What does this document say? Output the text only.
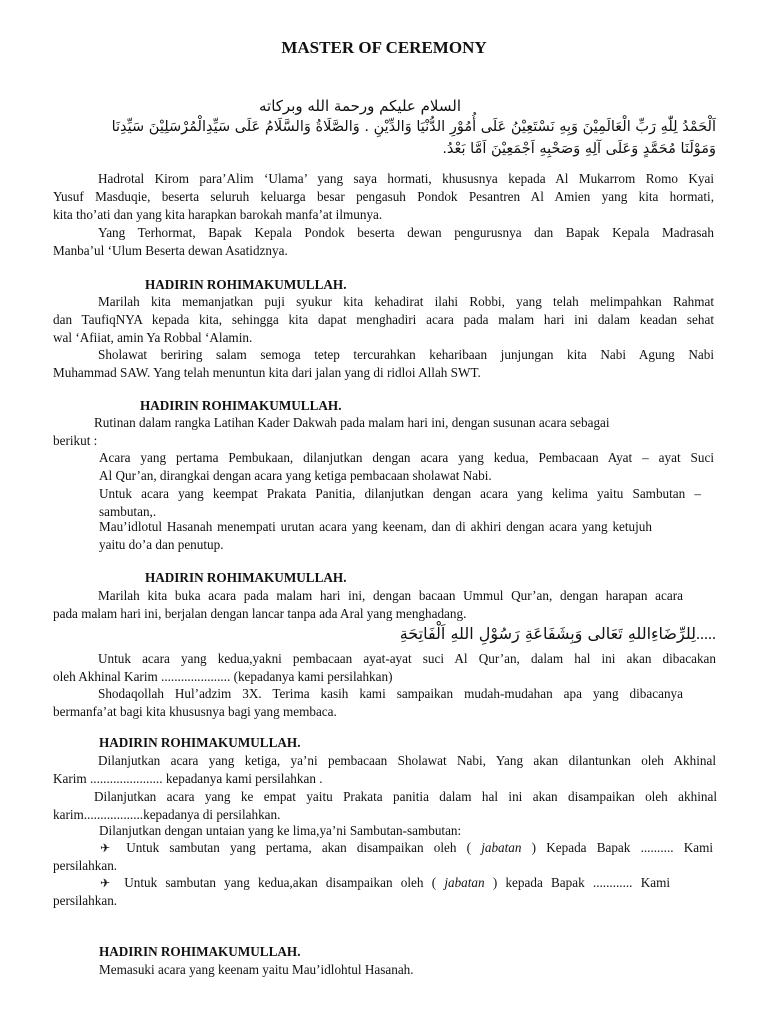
MASTER OF CEREMONY
السلام عليكم ورحمة الله وبركاته
اَلْحَمْدُ لِلّٰهِ رَبِّ الْعَالَمِيْنَ وَبِهِ نَسْتَعِيْنُ عَلَى أُمُوْرِ الدُّنْيَا وَالدِّيْنِ . وَالصَّلَاةُ وَالسَّلَامُ عَلَى سَيِّدِالْمُرْسَلِيْنَ سَيِّدِنَا
وَمَوْلَنَا مُحَمَّدٍ وَعَلَى آلِهِ وَصَحْبِهِ اَجْمَعِيْنَ اَمَّا بَعْدُ.
Hadrotal Kirom para’Alim ‘Ulama’ yang saya hormati, khususnya kepada Al Mukarrom Romo Kyai
Yusuf Masduqie, beserta seluruh keluarga besar pengasuh Pondok Pesantren Al Amien yang kita hormati,
kita tho’ati dan yang kita harapkan barokah manfa’at ilmunya.
Yang Terhormat, Bapak Kepala Pondok beserta dewan pengurusnya dan Bapak Kepala Madrasah
Manba’ul ‘Ulum Beserta dewan Asatidznya.
HADIRIN ROHIMAKUMULLAH.
Marilah kita memanjatkan puji syukur kita kehadirat ilahi Robbi, yang telah melimpahkan Rahmat
dan TaufiqNYA kepada kita, sehingga kita dapat menghadiri acara pada malam hari ini dalam keadan sehat
wal ‘Afiiat, amin Ya Robbal ‘Alamin.
Sholawat beriring salam semoga tetep tercurahkan keharibaan junjungan kita Nabi Agung Nabi
Muhammad SAW. Yang telah menuntun kita dari jalan yang di ridloi Allah SWT.
HADIRIN ROHIMAKUMULLAH.
Rutinan dalam rangka Latihan Kader Dakwah pada malam hari ini, dengan susunan acara sebagai
berikut :
Acara yang pertama Pembukaan, dilanjutkan dengan acara yang kedua, Pembacaan Ayat – ayat Suci
Al Qur’an, dirangkai dengan acara yang ketiga pembacaan sholawat Nabi.
Untuk acara yang keempat Prakata Panitia, dilanjutkan dengan acara yang kelima yaitu Sambutan –
sambutan,.
Mau’idlotul Hasanah menempati urutan acara yang keenam, dan di akhiri dengan acara yang ketujuh
yaitu do’a dan penutup.
HADIRIN ROHIMAKUMULLAH.
Marilah kita buka acara pada malam hari ini, dengan bacaan Ummul Qur’an, dengan harapan acara
pada malam hari ini, berjalan dengan lancar tanpa ada Aral yang menghadang.
لِلرِّضَاءِاللهِ تَعَالى وَبِشَفَاعَةِ رَسُوْلِ اللهِ اَلْفَاتِحَةِ.....
Untuk acara yang kedua,yakni pembacaan ayat-ayat suci Al Qur’an, dalam hal ini akan dibacakan
oleh Akhinal Karim ..................... (kepadanya kami persilahkan)
Shodaqollah Hul’adzim 3X. Terima kasih kami sampaikan mudah-mudahan apa yang dibacanya
bermanfa’at bagi kita khususnya bagi yang membaca.
HADIRIN ROHIMAKUMULLAH.
Dilanjutkan acara yang ketiga, ya’ni pembacaan Sholawat Nabi, Yang akan dilantunkan oleh Akhinal
Karim ...................... kepadanya kami persilahkan .
Dilanjutkan acara yang ke empat yaitu Prakata panitia dalam hal ini akan disampaikan oleh akhinal
karim..................kepadanya di persilahkan.
Dilanjutkan dengan untaian yang ke lima,ya’ni Sambutan-sambutan:
✈ Untuk sambutan yang pertama, akan disampaikan oleh ( jabatan ) Kepada Bapak .......... Kami
persilahkan.
✈ Untuk sambutan yang kedua,akan disampaikan oleh ( jabatan ) kepada Bapak ............ Kami
persilahkan.
HADIRIN ROHIMAKUMULLAH.
Memasuki acara yang keenam yaitu Mau’idlohtul Hasanah.
